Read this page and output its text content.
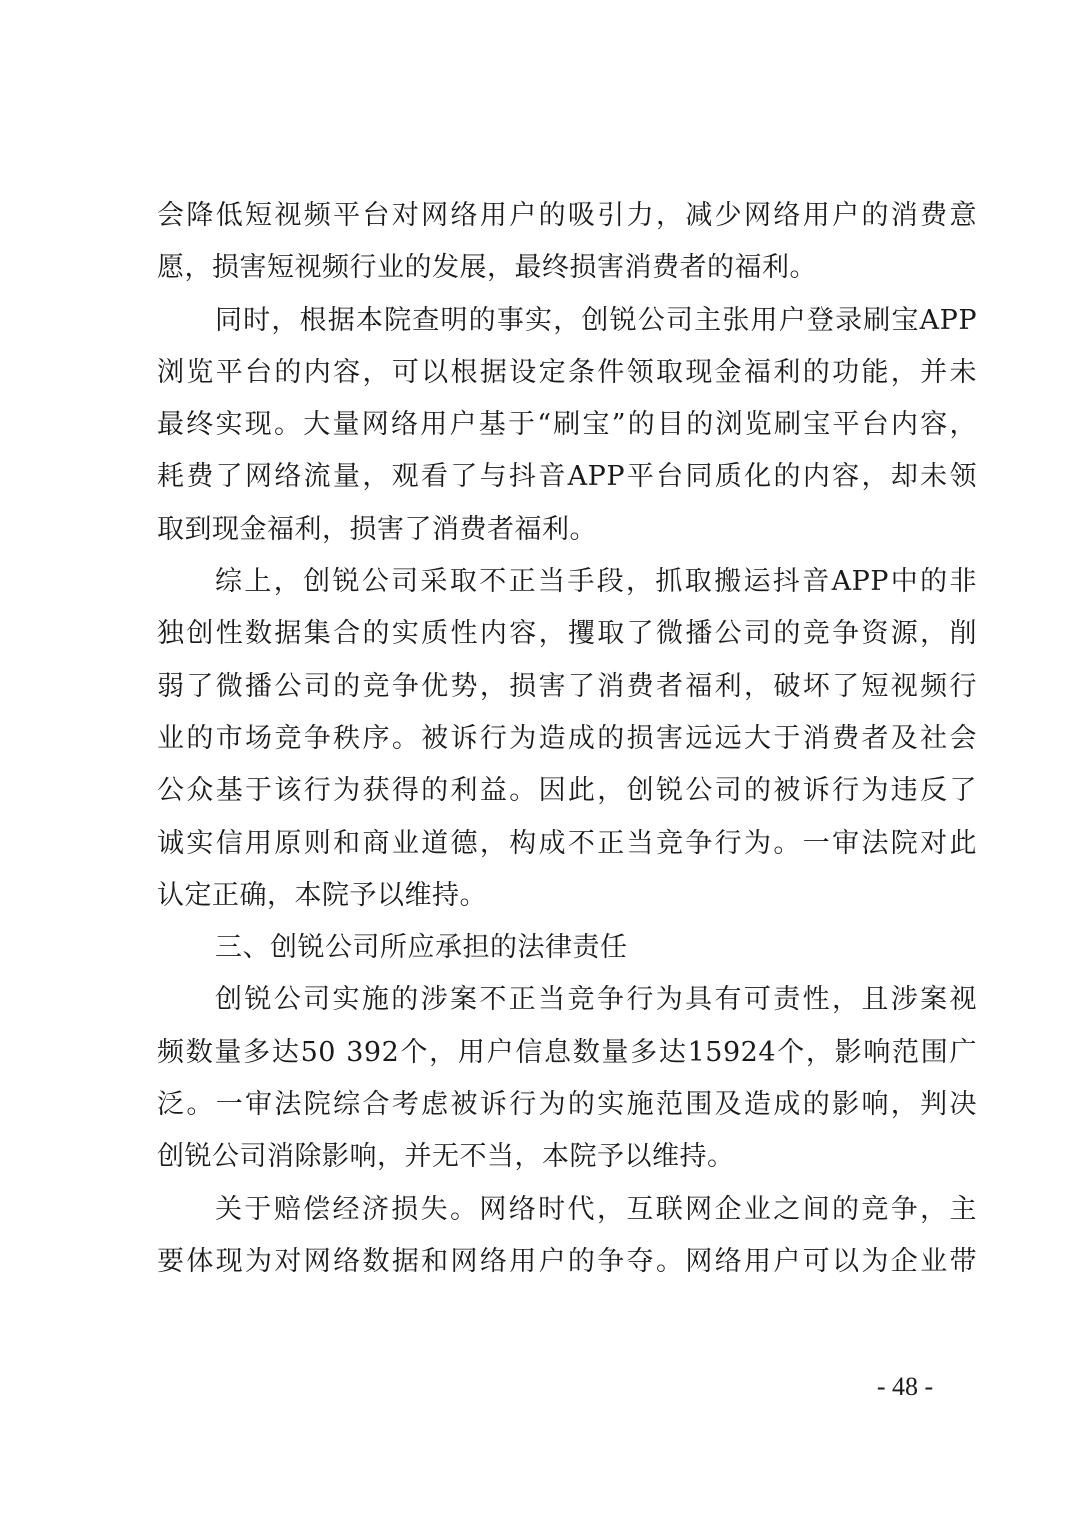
会降低短视频平台对网络用户的吸引力，减少网络用户的消费意
愿，损害短视频行业的发展，最终损害消费者的福利。
同时，根据本院查明的事实，创锐公司主张用户登录刷宝APP
浏览平台的内容，可以根据设定条件领取现金福利的功能，并未
最终实现。大量网络用户基于“刷宝”的目的浏览刷宝平台内容，
耗费了网络流量，观看了与抖音APP平台同质化的内容，却未领
取到现金福利，损害了消费者福利。
综上，创锐公司采取不正当手段，抓取搬运抖音APP中的非
独创性数据集合的实质性内容，攫取了微播公司的竞争资源，削
弱了微播公司的竞争优势，损害了消费者福利，破坏了短视频行
业的市场竞争秩序。被诉行为造成的损害远远大于消费者及社会
公众基于该行为获得的利益。因此，创锐公司的被诉行为违反了
诚实信用原则和商业道德，构成不正当竞争行为。一审法院对此
认定正确，本院予以维持。
三、创锐公司所应承担的法律责任
创锐公司实施的涉案不正当竞争行为具有可责性，且涉案视
频数量多达50 392个，用户信息数量多达15924个，影响范围广
泛。一审法院综合考虑被诉行为的实施范围及造成的影响，判决
创锐公司消除影响，并无不当，本院予以维持。
关于赔偿经济损失。网络时代，互联网企业之间的竞争，主
要体现为对网络数据和网络用户的争夺。网络用户可以为企业带
- 48 -
